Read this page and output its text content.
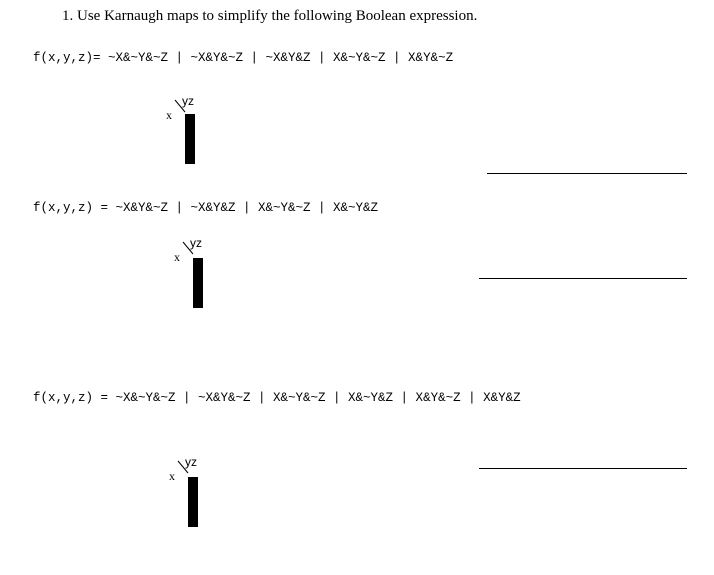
1. Use Karnaugh maps to simplify the following Boolean expression.
f(x,y,z)= ~X&~Y&~Z | ~X&Y&~Z | ~X&Y&Z | X&~Y&~Z | X&Y&~Z
yz
x

f(x,y,z) = ~X&Y&~Z | ~X&Y&Z | X&~Y&~Z | X&~Y&Z
yz
x

f(x,y,z) = ~X&~Y&~Z | ~X&Y&~Z | X&~Y&~Z | X&~Y&Z | X&Y&~Z | X&Y&Z
yz
x
